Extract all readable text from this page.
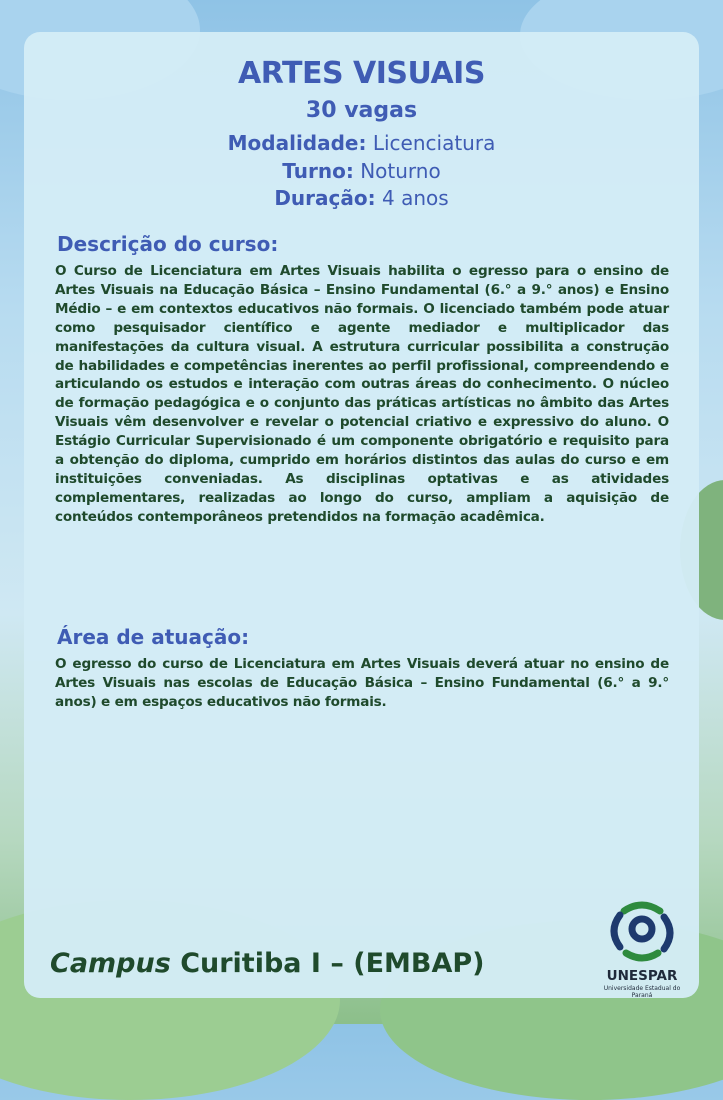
ARTES VISUAIS
30 vagas
Modalidade: Licenciatura
Turno: Noturno
Duração: 4 anos
Descrição do curso:
O Curso de Licenciatura em Artes Visuais habilita o egresso para o ensino de Artes Visuais na Educação Básica – Ensino Fundamental (6.° a 9.° anos) e Ensino Médio – e em contextos educativos não formais. O licenciado também pode atuar como pesquisador científico e agente mediador e multiplicador das manifestações da cultura visual. A estrutura curricular possibilita a construção de habilidades e competências inerentes ao perfil profissional, compreendendo e articulando os estudos e interação com outras áreas do conhecimento. O núcleo de formação pedagógica e o conjunto das práticas artísticas no âmbito das Artes Visuais vêm desenvolver e revelar o potencial criativo e expressivo do aluno. O Estágio Curricular Supervisionado é um componente obrigatório e requisito para a obtenção do diploma, cumprido em horários distintos das aulas do curso e em instituições conveniadas. As disciplinas optativas e as atividades complementares, realizadas ao longo do curso, ampliam a aquisição de conteúdos contemporâneos pretendidos na formação acadêmica.
Área de atuação:
O egresso do curso de Licenciatura em Artes Visuais deverá atuar no ensino de Artes Visuais nas escolas de Educação Básica – Ensino Fundamental (6.° a 9.° anos) e em espaços educativos não formais.
Campus Curitiba I – (EMBAP)	UNESPAR
Universidade Estadual do Paraná
